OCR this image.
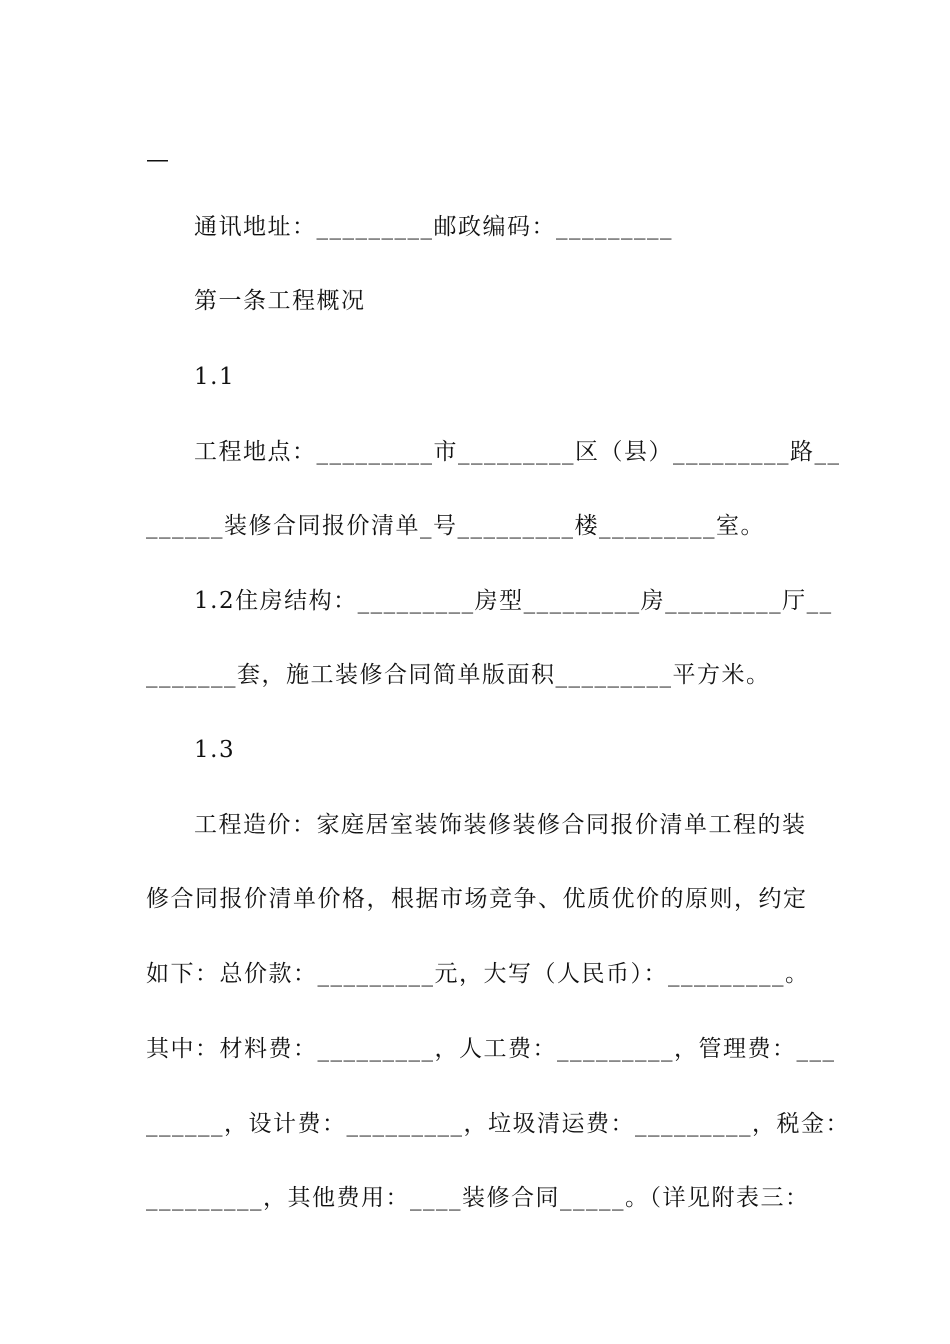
—
通讯地址：_________邮政编码：_________
第一条工程概况
1.1
工程地点：_________市_________区（县）_________路__
______装修合同报价清单_号_________楼_________室。
1.2住房结构：_________房型_________房_________厅__
_______套，施工装修合同简单版面积_________平方米。
1.3
工程造价：家庭居室装饰装修装修合同报价清单工程的装
修合同报价清单价格，根据市场竞争、优质优价的原则，约定
如下：总价款：_________元，大写（人民币）：_________。
其中：材料费：_________，人工费：_________，管理费：___
______，设计费：_________，垃圾清运费：_________，税金：
_________，其他费用：____装修合同_____。（详见附表三：
